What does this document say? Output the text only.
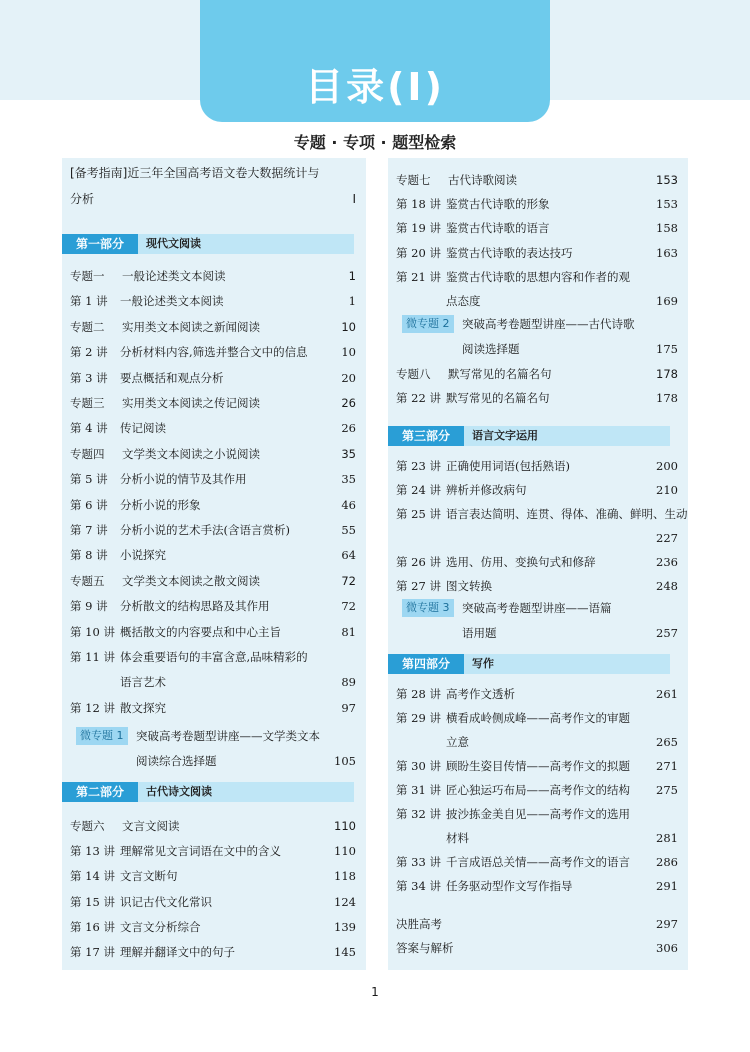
目录(Ⅰ)
专题 · 专项 · 题型检索
[备考指南]近三年全国高考语文卷大数据统计与
分析	Ⅰ
第一部分	现代文阅读
专题一 一般论述类文本阅读	1
第 1 讲 一般论述类文本阅读	1
专题二 实用类文本阅读之新闻阅读	10
第 2 讲 分析材料内容,筛选并整合文中的信息	10
第 3 讲 要点概括和观点分析	20
专题三 实用类文本阅读之传记阅读	26
第 4 讲 传记阅读	26
专题四 文学类文本阅读之小说阅读	35
第 5 讲 分析小说的情节及其作用	35
第 6 讲 分析小说的形象	46
第 7 讲 分析小说的艺术手法(含语言赏析)	55
第 8 讲 小说探究	64
专题五 文学类文本阅读之散文阅读	72
第 9 讲 分析散文的结构思路及其作用	72
第 10 讲 概括散文的内容要点和中心主旨	81
第 11 讲 体会重要语句的丰富含意,品味精彩的
语言艺术	89
第 12 讲 散文探究	97
微专题 1	突破高考卷题型讲座——文学类文本
阅读综合选择题	105
第二部分	古代诗文阅读
专题六 文言文阅读	110
第 13 讲 理解常见文言词语在文中的含义	110
第 14 讲 文言文断句	118
第 15 讲 识记古代文化常识	124
第 16 讲 文言文分析综合	139
第 17 讲 理解并翻译文中的句子	145
专题七 古代诗歌阅读	153
第 18 讲 鉴赏古代诗歌的形象	153
第 19 讲 鉴赏古代诗歌的语言	158
第 20 讲 鉴赏古代诗歌的表达技巧	163
第 21 讲 鉴赏古代诗歌的思想内容和作者的观
点态度	169
微专题 2	突破高考卷题型讲座——古代诗歌
阅读选择题	175
专题八 默写常见的名篇名句	178
第 22 讲 默写常见的名篇名句	178
第三部分	语言文字运用
第 23 讲 正确使用词语(包括熟语)	200
第 24 讲 辨析并修改病句	210
第 25 讲 语言表达简明、连贯、得体、准确、鲜明、生动
227
第 26 讲 选用、仿用、变换句式和修辞	236
第 27 讲 图文转换	248
微专题 3	突破高考卷题型讲座——语篇
语用题	257
第四部分	写作
第 28 讲 高考作文透析	261
第 29 讲 横看成岭侧成峰——高考作文的审题
立意	265
第 30 讲 顾盼生姿目传情——高考作文的拟题 271
第 31 讲 匠心独运巧布局——高考作文的结构 275
第 32 讲 披沙拣金美自见——高考作文的选用
材料	281
第 33 讲 千言成语总关情——高考作文的语言 286
第 34 讲 任务驱动型作文写作指导	291
决胜高考	297
答案与解析	306
1
